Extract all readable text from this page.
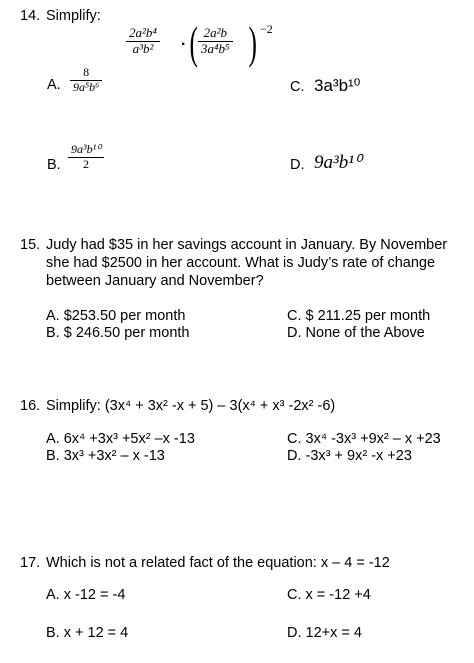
14. Simplify:
2a²b⁴
a³b² · ( 2a²b
3a⁴b⁵ ) −2
A.
8
9a⁵b⁶	C. 3a³b¹⁰
B.
9a³b¹⁰
2	D. 9a³b¹⁰
15. Judy had $35 in her savings account in January. By November
she had $2500 in her account. What is Judy’s rate of change
between January and November?
A. $253.50 per month
B. $ 246.50 per month
C. $ 211.25 per month
D. None of the Above
16. Simplify: (3x⁴ + 3x² -x + 5) – 3(x⁴ + x³ -2x² -6)
A. 6x⁴ +3x³ +5x² –x -13
B. 3x³ +3x² – x -13
C. 3x⁴ -3x³ +9x² – x +23
D. -3x³ + 9x² -x +23
17. Which is not a related fact of the equation: x – 4 = -12
A. x -12 = -4
B. x + 12 = 4
C. x = -12 +4
D. 12+x = 4
